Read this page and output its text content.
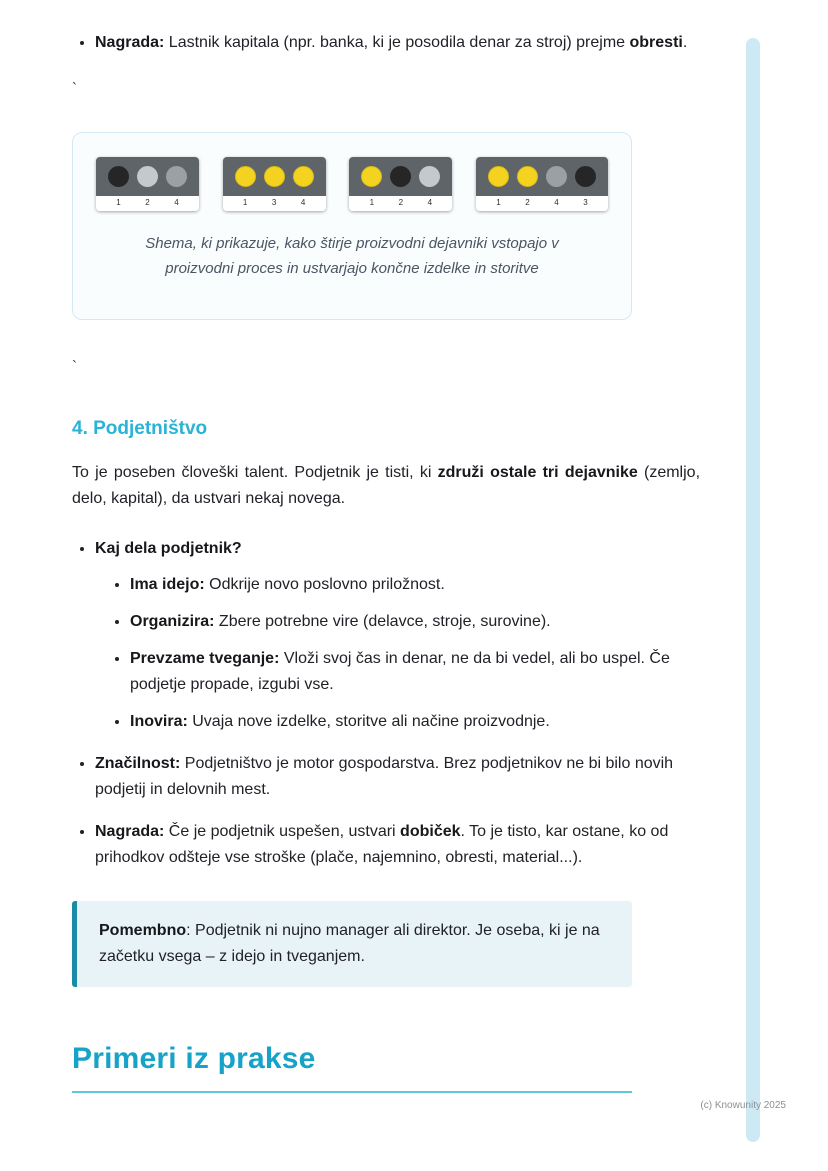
• Nagrada: Lastnik kapitala (npr. banka, ki je posodila denar za stroj) prejme obresti.

`

1	2	4	1	3	4	1	2	4	1	2	4	3
Shema, ki prikazuje, kako štirje proizvodni dejavniki vstopajo v proizvodni proces in ustvarjajo končne izdelke in storitve

`

4. Podjetništvo

To je poseben človeški talent. Podjetnik je tisti, ki združi ostale tri dejavnike (zemljo, delo, kapital), da ustvari nekaj novega.

• Kaj dela podjetnik?
• Ima idejo: Odkrije novo poslovno priložnost.
• Organizira: Zbere potrebne vire (delavce, stroje, surovine).
• Prevzame tveganje: Vloži svoj čas in denar, ne da bi vedel, ali bo uspel. Če podjetje propade, izgubi vse.
• Inovira: Uvaja nove izdelke, storitve ali načine proizvodnje.
• Značilnost: Podjetništvo je motor gospodarstva. Brez podjetnikov ne bi bilo novih podjetij in delovnih mest.
• Nagrada: Če je podjetnik uspešen, ustvari dobiček. To je tisto, kar ostane, ko od prihodkov odšteje vse stroške (plače, najemnino, obresti, material...).

Pomembno: Podjetnik ni nujno manager ali direktor. Je oseba, ki je na začetku vsega – z idejo in tveganjem.

Primeri iz prakse
(c) Knowunity 2025
